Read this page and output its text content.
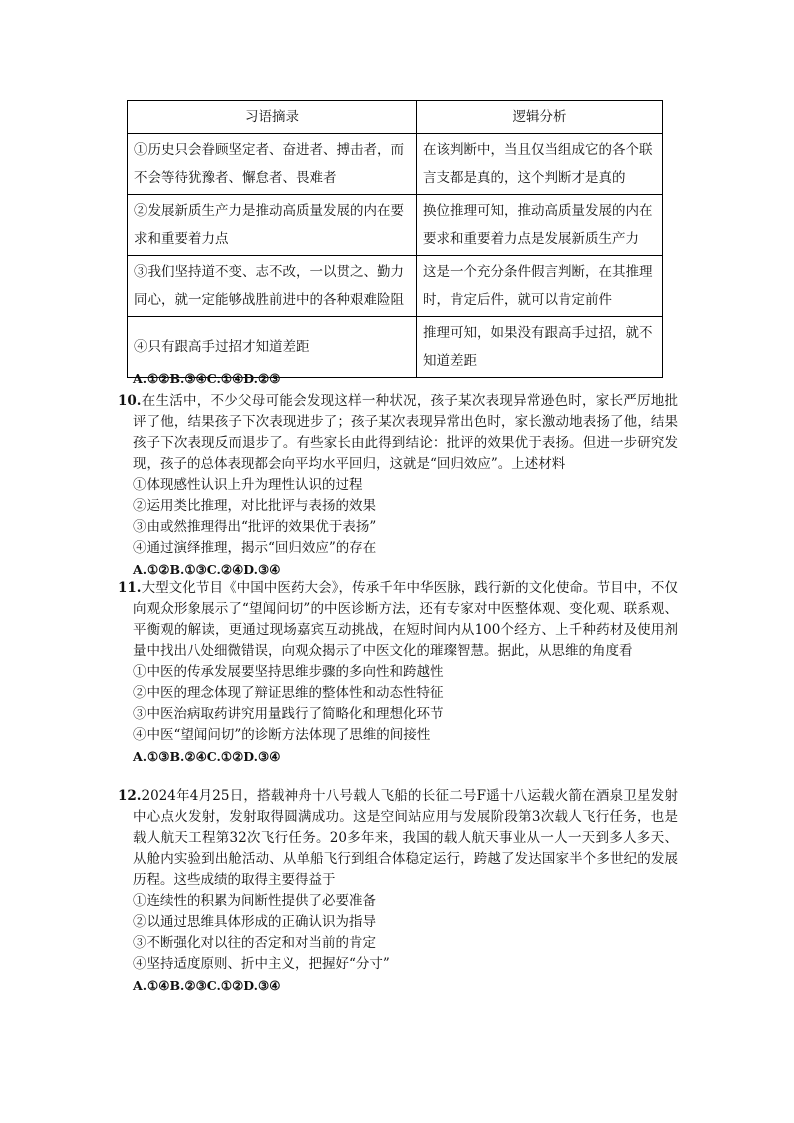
习语摘录	逻辑分析
①历史只会眷顾坚定者、奋进者、搏击者，而不会等待犹豫者、懈怠者、畏难者	在该判断中，当且仅当组成它的各个联言支都是真的，这个判断才是真的
②发展新质生产力是推动高质量发展的内在要求和重要着力点	换位推理可知，推动高质量发展的内在要求和重要着力点是发展新质生产力
③我们坚持道不变、志不改，一以贯之、勤力同心，就一定能够战胜前进中的各种艰难险阻	这是一个充分条件假言判断，在其推理时，肯定后件，就可以肯定前件
④只有跟高手过招才知道差距	推理可知，如果没有跟高手过招，就不知道差距
A.①②B.③④C.①④D.②③

10.在生活中，不少父母可能会发现这样一种状况，孩子某次表现异常逊色时，家长严厉地批评了他，结果孩子下次表现进步了；孩子某次表现异常出色时，家长激动地表扬了他，结果孩子下次表现反而退步了。有些家长由此得到结论：批评的效果优于表扬。但进一步研究发现，孩子的总体表现都会向平均水平回归，这就是“回归效应”。上述材料

①体现感性认识上升为理性认识的过程

②运用类比推理，对比批评与表扬的效果

③由或然推理得出“批评的效果优于表扬”

④通过演绎推理，揭示“回归效应”的存在

A.①②B.①③C.②④D.③④

11.大型文化节目《中国中医药大会》，传承千年中华医脉，践行新的文化使命。节目中，不仅向观众形象展示了“望闻问切”的中医诊断方法，还有专家对中医整体观、变化观、联系观、平衡观的解读，更通过现场嘉宾互动挑战，在短时间内从100个经方、上千种药材及使用剂量中找出八处细微错误，向观众揭示了中医文化的璀璨智慧。据此，从思维的角度看

①中医的传承发展要坚持思维步骤的多向性和跨越性

②中医的理念体现了辩证思维的整体性和动态性特征

③中医治病取药讲究用量践行了简略化和理想化环节

④中医“望闻问切”的诊断方法体现了思维的间接性

A.①③B.②④C.①②D.③④

12.2024年4月25日，搭载神舟十八号载人飞船的长征二号F遥十八运载火箭在酒泉卫星发射中心点火发射，发射取得圆满成功。这是空间站应用与发展阶段第3次载人飞行任务，也是载人航天工程第32次飞行任务。20多年来，我国的载人航天事业从一人一天到多人多天、从舱内实验到出舱活动、从单船飞行到组合体稳定运行，跨越了发达国家半个多世纪的发展历程。这些成绩的取得主要得益于

①连续性的积累为间断性提供了必要准备

②以通过思维具体形成的正确认识为指导

③不断强化对以往的否定和对当前的肯定

④坚持适度原则、折中主义，把握好“分寸”

A.①④B.②③C.①②D.③④
